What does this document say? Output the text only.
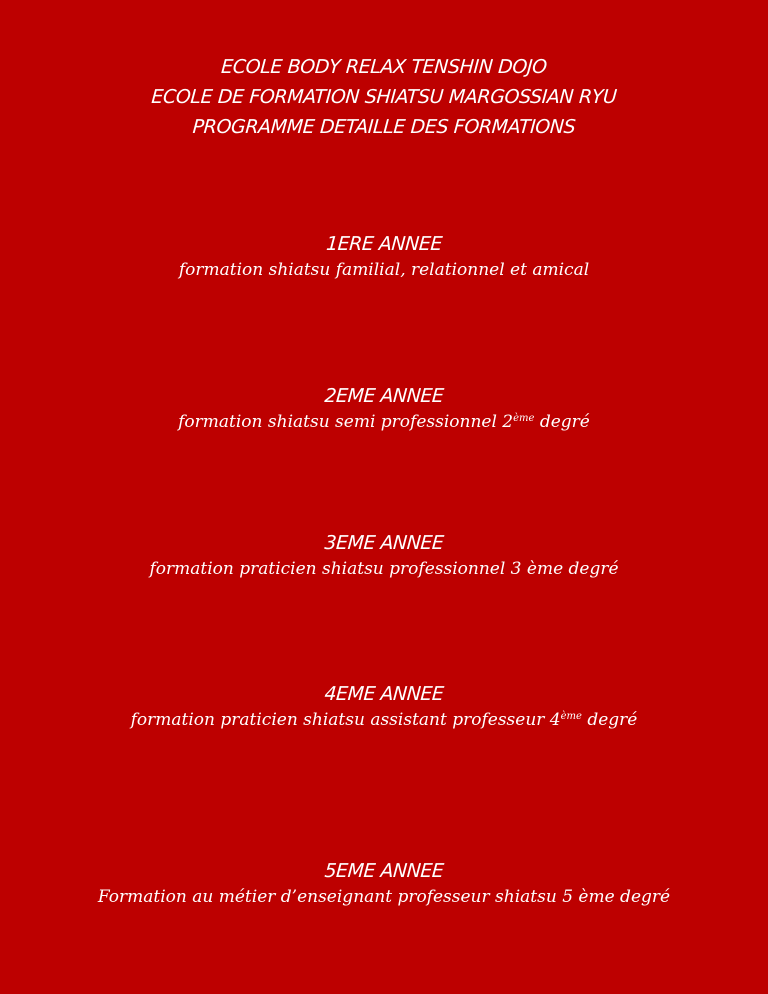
ECOLE BODY RELAX TENSHIN DOJO
ECOLE DE FORMATION SHIATSU MARGOSSIAN RYU
PROGRAMME DETAILLE DES FORMATIONS
1ERE ANNEE
formation shiatsu familial, relationnel et amical
2EME ANNEE
formation shiatsu semi professionnel 2ème degré
3EME ANNEE
formation praticien shiatsu professionnel 3 ème degré
4EME ANNEE
formation praticien shiatsu assistant professeur 4ème degré
5EME ANNEE
Formation au métier d’enseignant professeur shiatsu 5 ème degré
